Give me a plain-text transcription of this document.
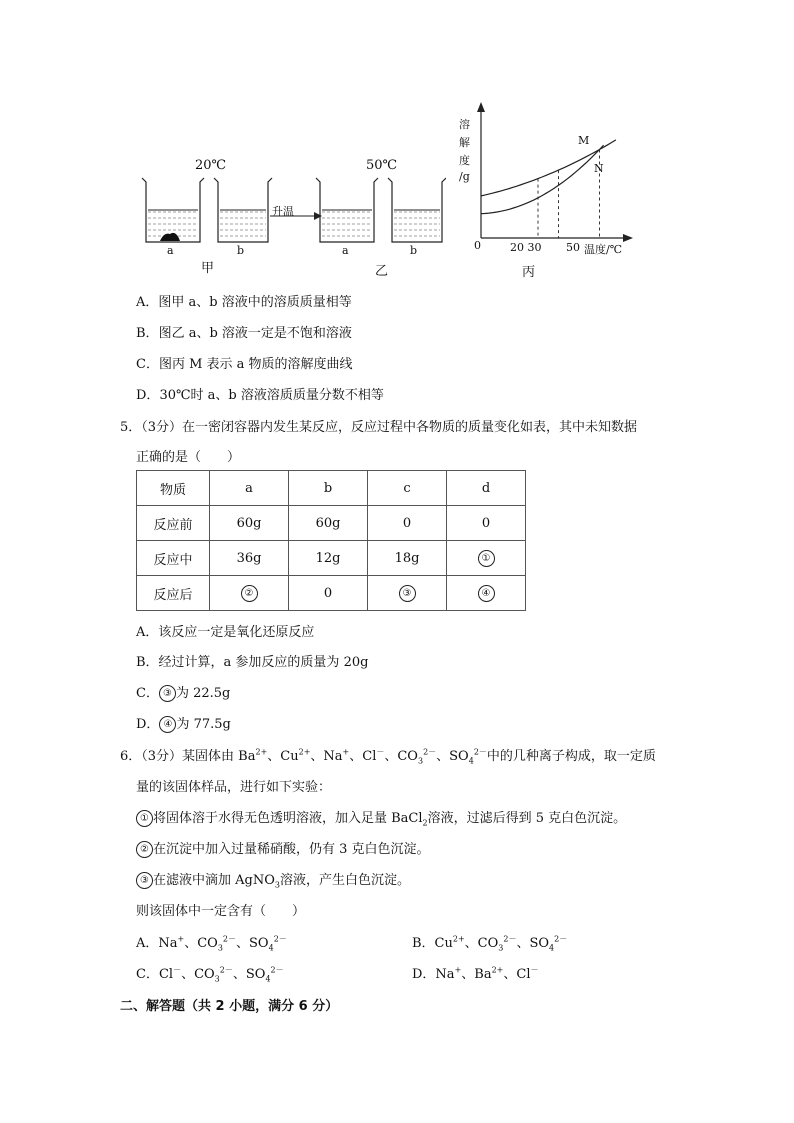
20℃	50℃
升温
a	b
甲
a	b
乙
溶
解
度
/g
M
N
0	20 30 50 温度/℃
丙
A．图甲 a、b 溶液中的溶质质量相等
B．图乙 a、b 溶液一定是不饱和溶液
C．图丙 M 表示 a 物质的溶解度曲线
D．30℃时 a、b 溶液溶质质量分数不相等
5．（3分）在一密闭容器内发生某反应，反应过程中各物质的质量变化如表，其中未知数据
正确的是（　　）
物质	a	b	c	d
反应前	60g	60g	0	0
反应中	36g	12g	18g	①
反应后	②	0	③	④
A．该反应一定是氧化还原反应
B．经过计算，a 参加反应的质量为 20g
C． ③ 为 22.5g
D． ④ 为 77.5g
6．（3分）某固体由 $Ba^{2+}$、$Cu^{2+}$、Na+、Cl－、$CO_3^{2-}$、$SO_4^{2-}$中的几种离子构成，取一定质
量的该固体样品，进行如下实验：
① 将固体溶于水得无色透明溶液，加入足量 BaCl$_2$溶液，过滤后得到 5 克白色沉淀。
② 在沉淀中加入过量稀硝酸，仍有 3 克白色沉淀。
③ 在滤液中滴加 AgNO$_3$溶液，产生白色沉淀。
则该固体中一定含有（　　）
A．Na+、$CO_3^{2-}$、$SO_4^{2-}$	B．$Cu^{2+}$、$CO_3^{2-}$、$SO_4^{2-}$
C．Cl－、$CO_3^{2-}$、$SO_4^{2-}$	D．Na+、$Ba^{2+}$、Cl－
二、解答题（共 2 小题，满分 6 分）
